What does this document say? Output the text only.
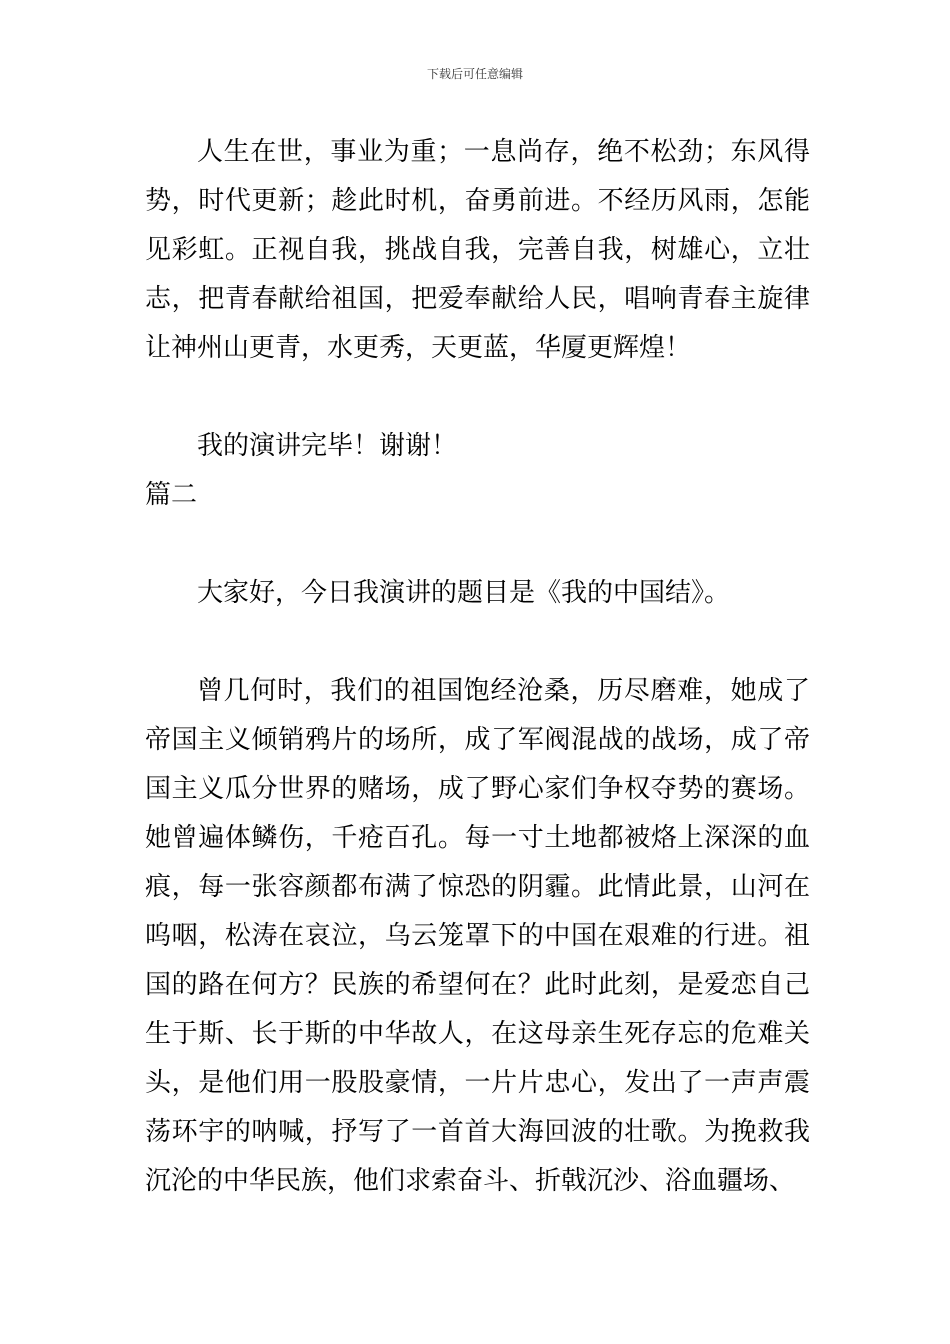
下载后可任意编辑

人生在世，事业为重；一息尚存，绝不松劲；东风得势，时代更新；趁此时机，奋勇前进。不经历风雨，怎能见彩虹。正视自我，挑战自我，完善自我，树雄心，立壮志，把青春献给祖国，把爱奉献给人民，唱响青春主旋律让神州山更青，水更秀，天更蓝，华厦更辉煌！

我的演讲完毕！谢谢！

篇二

大家好，今日我演讲的题目是《我的中国结》。

曾几何时，我们的祖国饱经沧桑，历尽磨难，她成了帝国主义倾销鸦片的场所，成了军阀混战的战场，成了帝国主义瓜分世界的赌场，成了野心家们争权夺势的赛场。她曾遍体鳞伤，千疮百孔。每一寸土地都被烙上深深的血痕，每一张容颜都布满了惊恐的阴霾。此情此景，山河在呜咽，松涛在哀泣，乌云笼罩下的中国在艰难的行进。祖国的路在何方？民族的希望何在？此时此刻，是爱恋自己生于斯、长于斯的中华故人，在这母亲生死存忘的危难关头，是他们用一股股豪情，一片片忠心，发出了一声声震荡环宇的呐喊，抒写了一首首大海回波的壮歌。为挽救我沉沦的中华民族，他们求索奋斗、折戟沉沙、浴血疆场、
